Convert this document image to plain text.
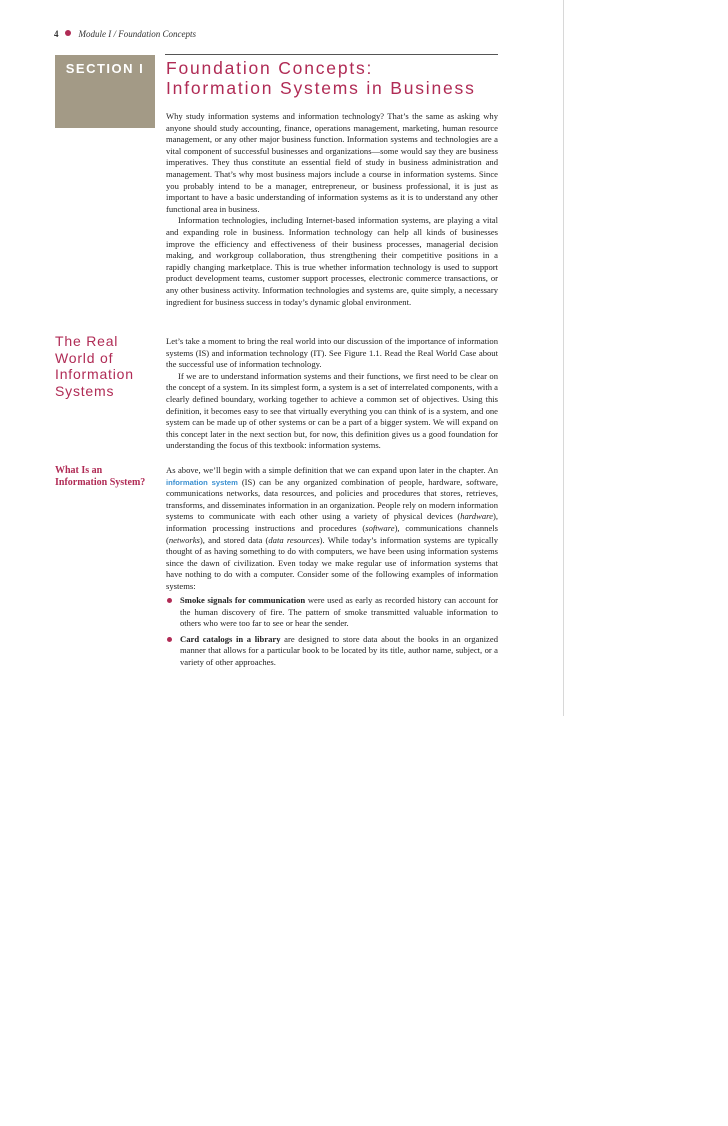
4 Module I / Foundation Concepts
SECTION I	Foundation Concepts:
Information Systems in Business

Why study information systems and information technology? That’s the same as asking why anyone should study accounting, finance, operations management, marketing, human resource management, or any other major business function. Information systems and technologies are a vital component of successful businesses and organizations—some would say they are business imperatives. They thus constitute an essential field of study in business administration and management. That’s why most business majors include a course in information systems. Since you probably intend to be a manager, entrepreneur, or business professional, it is just as important to have a basic understanding of information systems as it is to understand any other functional area in business.

Information technologies, including Internet-based information systems, are playing a vital and expanding role in business. Information technology can help all kinds of businesses improve the efficiency and effectiveness of their business processes, managerial decision making, and workgroup collaboration, thus strengthening their competitive positions in a rapidly changing marketplace. This is true whether information technology is used to support product development teams, customer support processes, electronic commerce transactions, or any other business activity. Information technologies and systems are, quite simply, a necessary ingredient for business success in today’s dynamic global environment.

The Real
World of
Information
Systems

Let’s take a moment to bring the real world into our discussion of the importance of information systems (IS) and information technology (IT). See Figure 1.1. Read the Real World Case about the successful use of information technology.

If we are to understand information systems and their functions, we first need to be clear on the concept of a system. In its simplest form, a system is a set of interrelated components, with a clearly defined boundary, working together to achieve a common set of objectives. Using this definition, it becomes easy to see that virtually everything you can think of is a system, and one system can be made up of other systems or can be a part of a bigger system. We will expand on this concept later in the next section but, for now, this definition gives us a good foundation for understanding the focus of this textbook: information systems.

What Is an
Information System?

As above, we’ll begin with a simple definition that we can expand upon later in the chapter. An information system (IS) can be any organized combination of people, hardware, software, communications networks, data resources, and policies and procedures that stores, retrieves, transforms, and disseminates information in an organization. People rely on modern information systems to communicate with each other using a variety of physical devices (hardware), information processing instructions and procedures (software), communications channels (networks), and stored data (data resources). While today’s information systems are typically thought of as having something to do with computers, we have been using information systems since the dawn of civilization. Even today we make regular use of information systems that have nothing to do with a computer. Consider some of the following examples of information systems:

Smoke signals for communication were used as early as recorded history can account for the human discovery of fire. The pattern of smoke transmitted valuable information to others who were too far to see or hear the sender.
Card catalogs in a library are designed to store data about the books in an organized manner that allows for a particular book to be located by its title, author name, subject, or a variety of other approaches.
